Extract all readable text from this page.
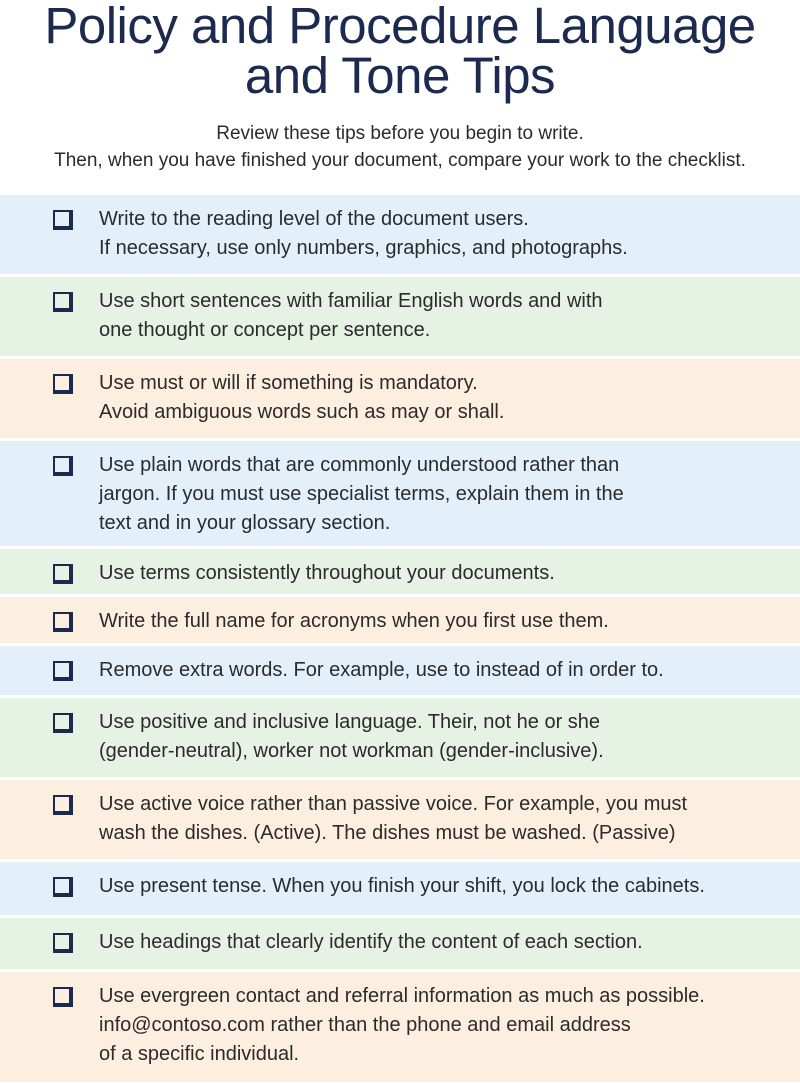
Policy and Procedure Language
and Tone Tips
Review these tips before you begin to write.
Then, when you have finished your document, compare your work to the checklist.
Write to the reading level of the document users.
If necessary, use only numbers, graphics, and photographs.
Use short sentences with familiar English words and with
one thought or concept per sentence.
Use must or will if something is mandatory.
Avoid ambiguous words such as may or shall.
Use plain words that are commonly understood rather than
jargon. If you must use specialist terms, explain them in the
text and in your glossary section.
Use terms consistently throughout your documents.
Write the full name for acronyms when you first use them.
Remove extra words. For example, use to instead of in order to.
Use positive and inclusive language. Their, not he or she
(gender-neutral), worker not workman (gender-inclusive).
Use active voice rather than passive voice. For example, you must
wash the dishes. (Active). The dishes must be washed. (Passive)
Use present tense. When you finish your shift, you lock the cabinets.
Use headings that clearly identify the content of each section.
Use evergreen contact and referral information as much as possible.
info@contoso.com rather than the phone and email address
of a specific individual.
